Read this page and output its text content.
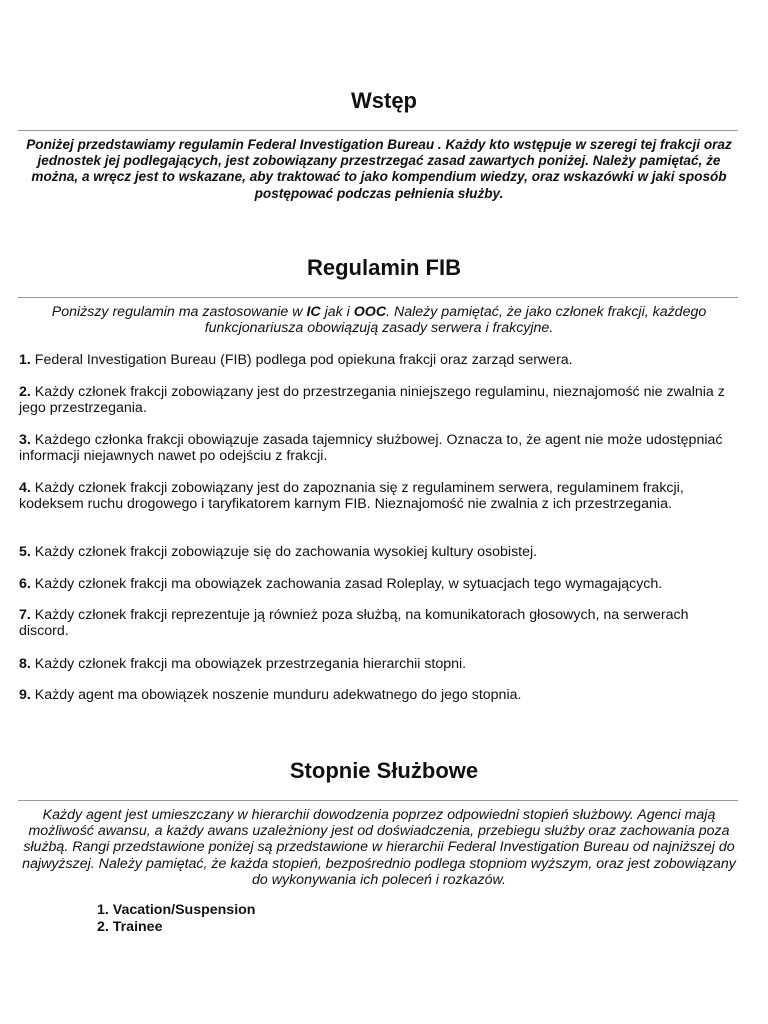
Wstęp

Poniżej przedstawiamy regulamin Federal Investigation Bureau . Każdy kto wstępuje w szeregi tej frakcji oraz jednostek jej podlegających, jest zobowiązany przestrzegać zasad zawartych poniżej. Należy pamiętać, że można, a wręcz jest to wskazane, aby traktować to jako kompendium wiedzy, oraz wskazówki w jaki sposób postępować podczas pełnienia służby.

Regulamin FIB

Poniższy regulamin ma zastosowanie w IC jak i OOC. Należy pamiętać, że jako członek frakcji, każdego funkcjonariusza obowiązują zasady serwera i frakcyjne.

1. Federal Investigation Bureau (FIB) podlega pod opiekuna frakcji oraz zarząd serwera.
2. Każdy członek frakcji zobowiązany jest do przestrzegania niniejszego regulaminu, nieznajomość nie zwalnia z jego przestrzegania.
3. Każdego członka frakcji obowiązuje zasada tajemnicy służbowej. Oznacza to, że agent nie może udostępniać informacji niejawnych nawet po odejściu z frakcji.
4. Każdy członek frakcji zobowiązany jest do zapoznania się z regulaminem serwera, regulaminem frakcji, kodeksem ruchu drogowego i taryfikatorem karnym FIB. Nieznajomość nie zwalnia z ich przestrzegania.
5. Każdy członek frakcji zobowiązuje się do zachowania wysokiej kultury osobistej.
6. Każdy członek frakcji ma obowiązek zachowania zasad Roleplay, w sytuacjach tego wymagających.
7. Każdy członek frakcji reprezentuje ją również poza służbą, na komunikatorach głosowych, na serwerach discord.
8. Każdy członek frakcji ma obowiązek przestrzegania hierarchii stopni.
9. Każdy agent ma obowiązek noszenie munduru adekwatnego do jego stopnia.
Stopnie Służbowe

Każdy agent jest umieszczany w hierarchii dowodzenia poprzez odpowiedni stopień służbowy. Agenci mają możliwość awansu, a każdy awans uzależniony jest od doświadczenia, przebiegu służby oraz zachowania poza służbą. Rangi przedstawione poniżej są przedstawione w hierarchii Federal Investigation Bureau od najniższej do najwyższej. Należy pamiętać, że każda stopień, bezpośrednio podlega stopniom wyższym, oraz jest zobowiązany do wykonywania ich poleceń i rozkazów.

1. Vacation/Suspension
2. Trainee
